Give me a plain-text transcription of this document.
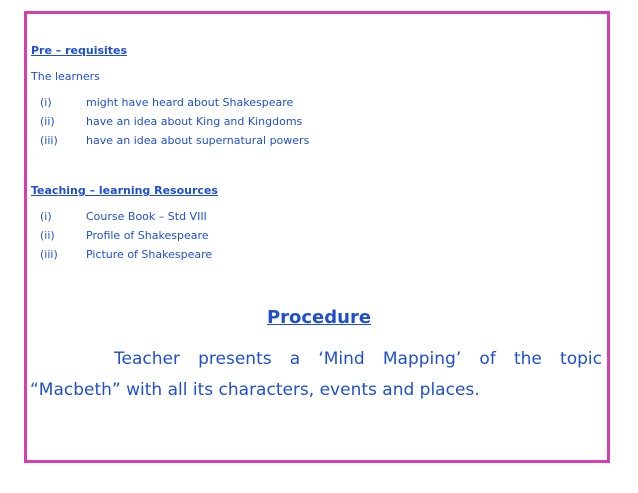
Pre – requisites
The learners
(i)	might have heard about Shakespeare
(ii)	have an idea about King and Kingdoms
(iii)	have an idea about supernatural powers
Teaching – learning Resources
(i)	Course Book – Std VIII
(ii)	Profile of Shakespeare
(iii)	Picture of Shakespeare
Procedure
Teacher presents a ‘Mind Mapping’ of the topic
“Macbeth” with all its characters, events and places.
